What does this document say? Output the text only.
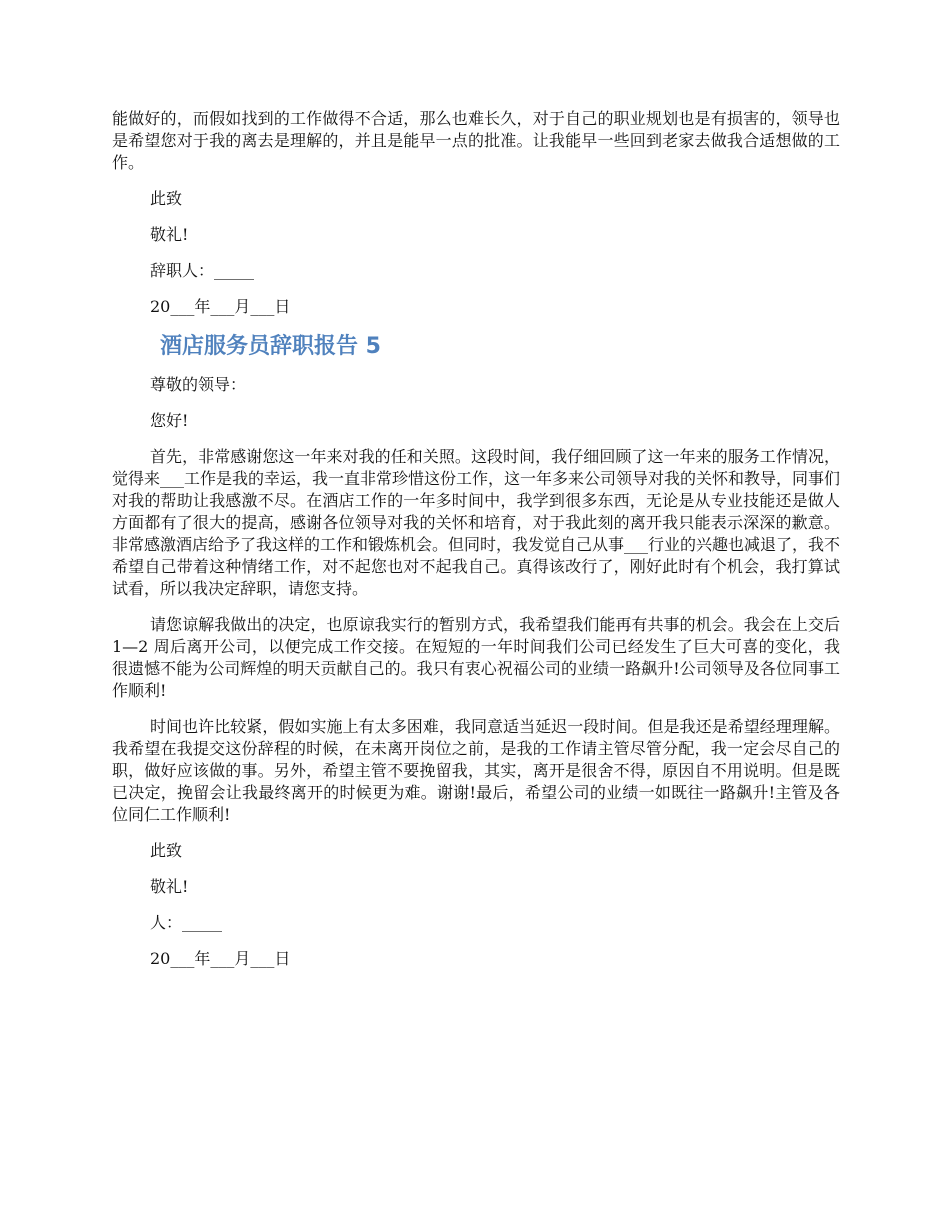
能做好的，而假如找到的工作做得不合适，那么也难长久，对于自己的职业规划也是有损害的，领导也是希望您对于我的离去是理解的，并且是能早一点的批准。让我能早一些回到老家去做我合适想做的工作。

此致

敬礼!

辞职人：_____

20___年___月___日

酒店服务员辞职报告 5

尊敬的领导：

您好!

首先，非常感谢您这一年来对我的任和关照。这段时间，我仔细回顾了这一年来的服务工作情况，觉得来___工作是我的幸运，我一直非常珍惜这份工作，这一年多来公司领导对我的关怀和教导，同事们对我的帮助让我感激不尽。在酒店工作的一年多时间中，我学到很多东西，无论是从专业技能还是做人方面都有了很大的提高，感谢各位领导对我的关怀和培育，对于我此刻的离开我只能表示深深的歉意。非常感激酒店给予了我这样的工作和锻炼机会。但同时，我发觉自己从事___行业的兴趣也减退了，我不希望自己带着这种情绪工作，对不起您也对不起我自己。真得该改行了，刚好此时有个机会，我打算试试看，所以我决定辞职，请您支持。

请您谅解我做出的决定，也原谅我实行的暂别方式，我希望我们能再有共事的机会。我会在上交后 1—2 周后离开公司，以便完成工作交接。在短短的一年时间我们公司已经发生了巨大可喜的变化，我很遗憾不能为公司辉煌的明天贡献自己的。我只有衷心祝福公司的业绩一路飙升!公司领导及各位同事工作顺利!

时间也许比较紧，假如实施上有太多困难，我同意适当延迟一段时间。但是我还是希望经理理解。我希望在我提交这份辞程的时候，在未离开岗位之前，是我的工作请主管尽管分配，我一定会尽自己的职，做好应该做的事。另外，希望主管不要挽留我，其实，离开是很舍不得，原因自不用说明。但是既已决定，挽留会让我最终离开的时候更为难。谢谢!最后，希望公司的业绩一如既往一路飙升!主管及各位同仁工作顺利!

此致

敬礼!

人：_____

20___年___月___日
